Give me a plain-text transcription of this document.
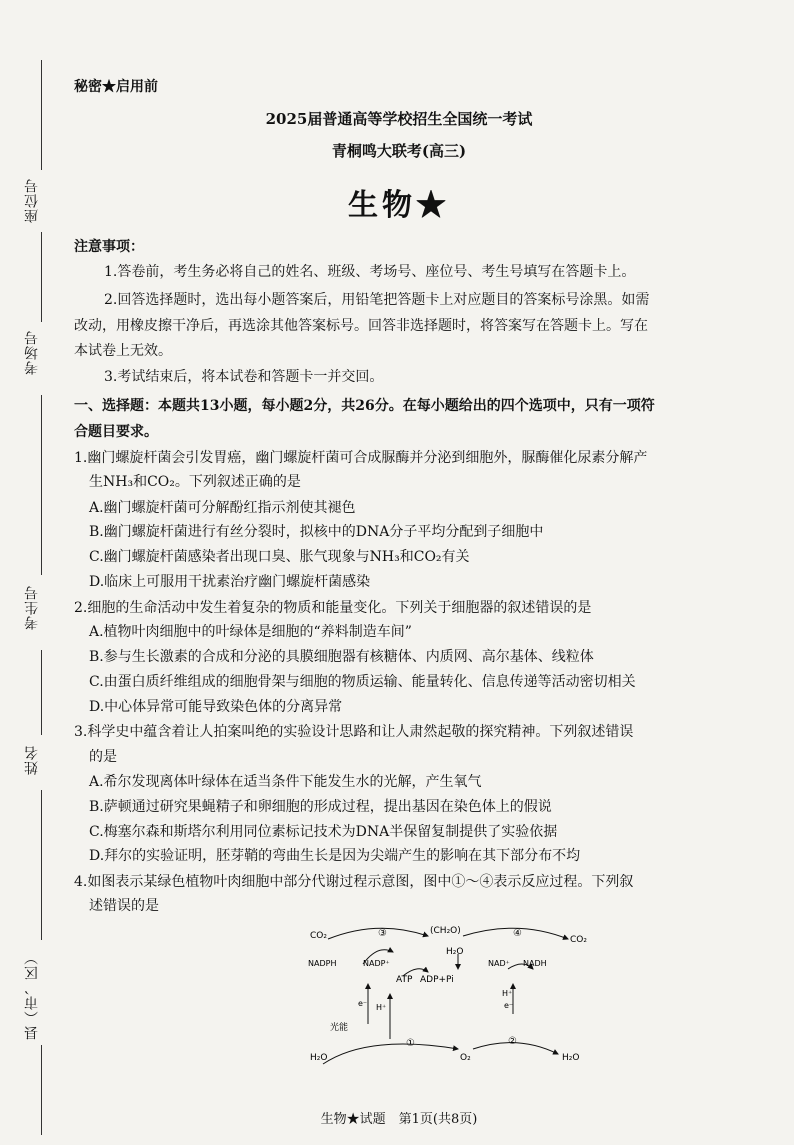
座位号
考场号
考生号
姓名
县（市、区）
秘密★启用前
2025届普通高等学校招生全国统一考试
青桐鸣大联考(高三)
生物★
注意事项：
1.答卷前，考生务必将自己的姓名、班级、考场号、座位号、考生号填写在答题卡上。
2.回答选择题时，选出每小题答案后，用铅笔把答题卡上对应题目的答案标号涂黑。如需
改动，用橡皮擦干净后，再选涂其他答案标号。回答非选择题时，将答案写在答题卡上。写在
本试卷上无效。
3.考试结束后，将本试卷和答题卡一并交回。
一、选择题：本题共13小题，每小题2分，共26分。在每小题给出的四个选项中，只有一项符
合题目要求。
1.幽门螺旋杆菌会引发胃癌，幽门螺旋杆菌可合成脲酶并分泌到细胞外，脲酶催化尿素分解产
生NH₃和CO₂。下列叙述正确的是
A.幽门螺旋杆菌可分解酚红指示剂使其褪色
B.幽门螺旋杆菌进行有丝分裂时，拟核中的DNA分子平均分配到子细胞中
C.幽门螺旋杆菌感染者出现口臭、胀气现象与NH₃和CO₂有关
D.临床上可服用干扰素治疗幽门螺旋杆菌感染
2.细胞的生命活动中发生着复杂的物质和能量变化。下列关于细胞器的叙述错误的是
A.植物叶肉细胞中的叶绿体是细胞的“养料制造车间”
B.参与生长激素的合成和分泌的具膜细胞器有核糖体、内质网、高尔基体、线粒体
C.由蛋白质纤维组成的细胞骨架与细胞的物质运输、能量转化、信息传递等活动密切相关
D.中心体异常可能导致染色体的分离异常
3.科学史中蕴含着让人拍案叫绝的实验设计思路和让人肃然起敬的探究精神。下列叙述错误
的是
A.希尔发现离体叶绿体在适当条件下能发生水的光解，产生氧气
B.萨顿通过研究果蝇精子和卵细胞的形成过程，提出基因在染色体上的假说
C.梅塞尔森和斯塔尔利用同位素标记技术为DNA半保留复制提供了实验依据
D.拜尔的实验证明，胚芽鞘的弯曲生长是因为尖端产生的影响在其下部分布不均
4.如图表示某绿色植物叶肉细胞中部分代谢过程示意图，图中①～④表示反应过程。下列叙
述错误的是
CO₂	③	(CH₂O)
H₂O
④
CO₂
NADPH	NADP⁺
ATP ADP+Pi
NAD⁺ NADH
e⁻ H⁺
H⁺
e⁻
光能
H₂O
①
O₂
②
H₂O
生物★试题　第1页(共8页)
